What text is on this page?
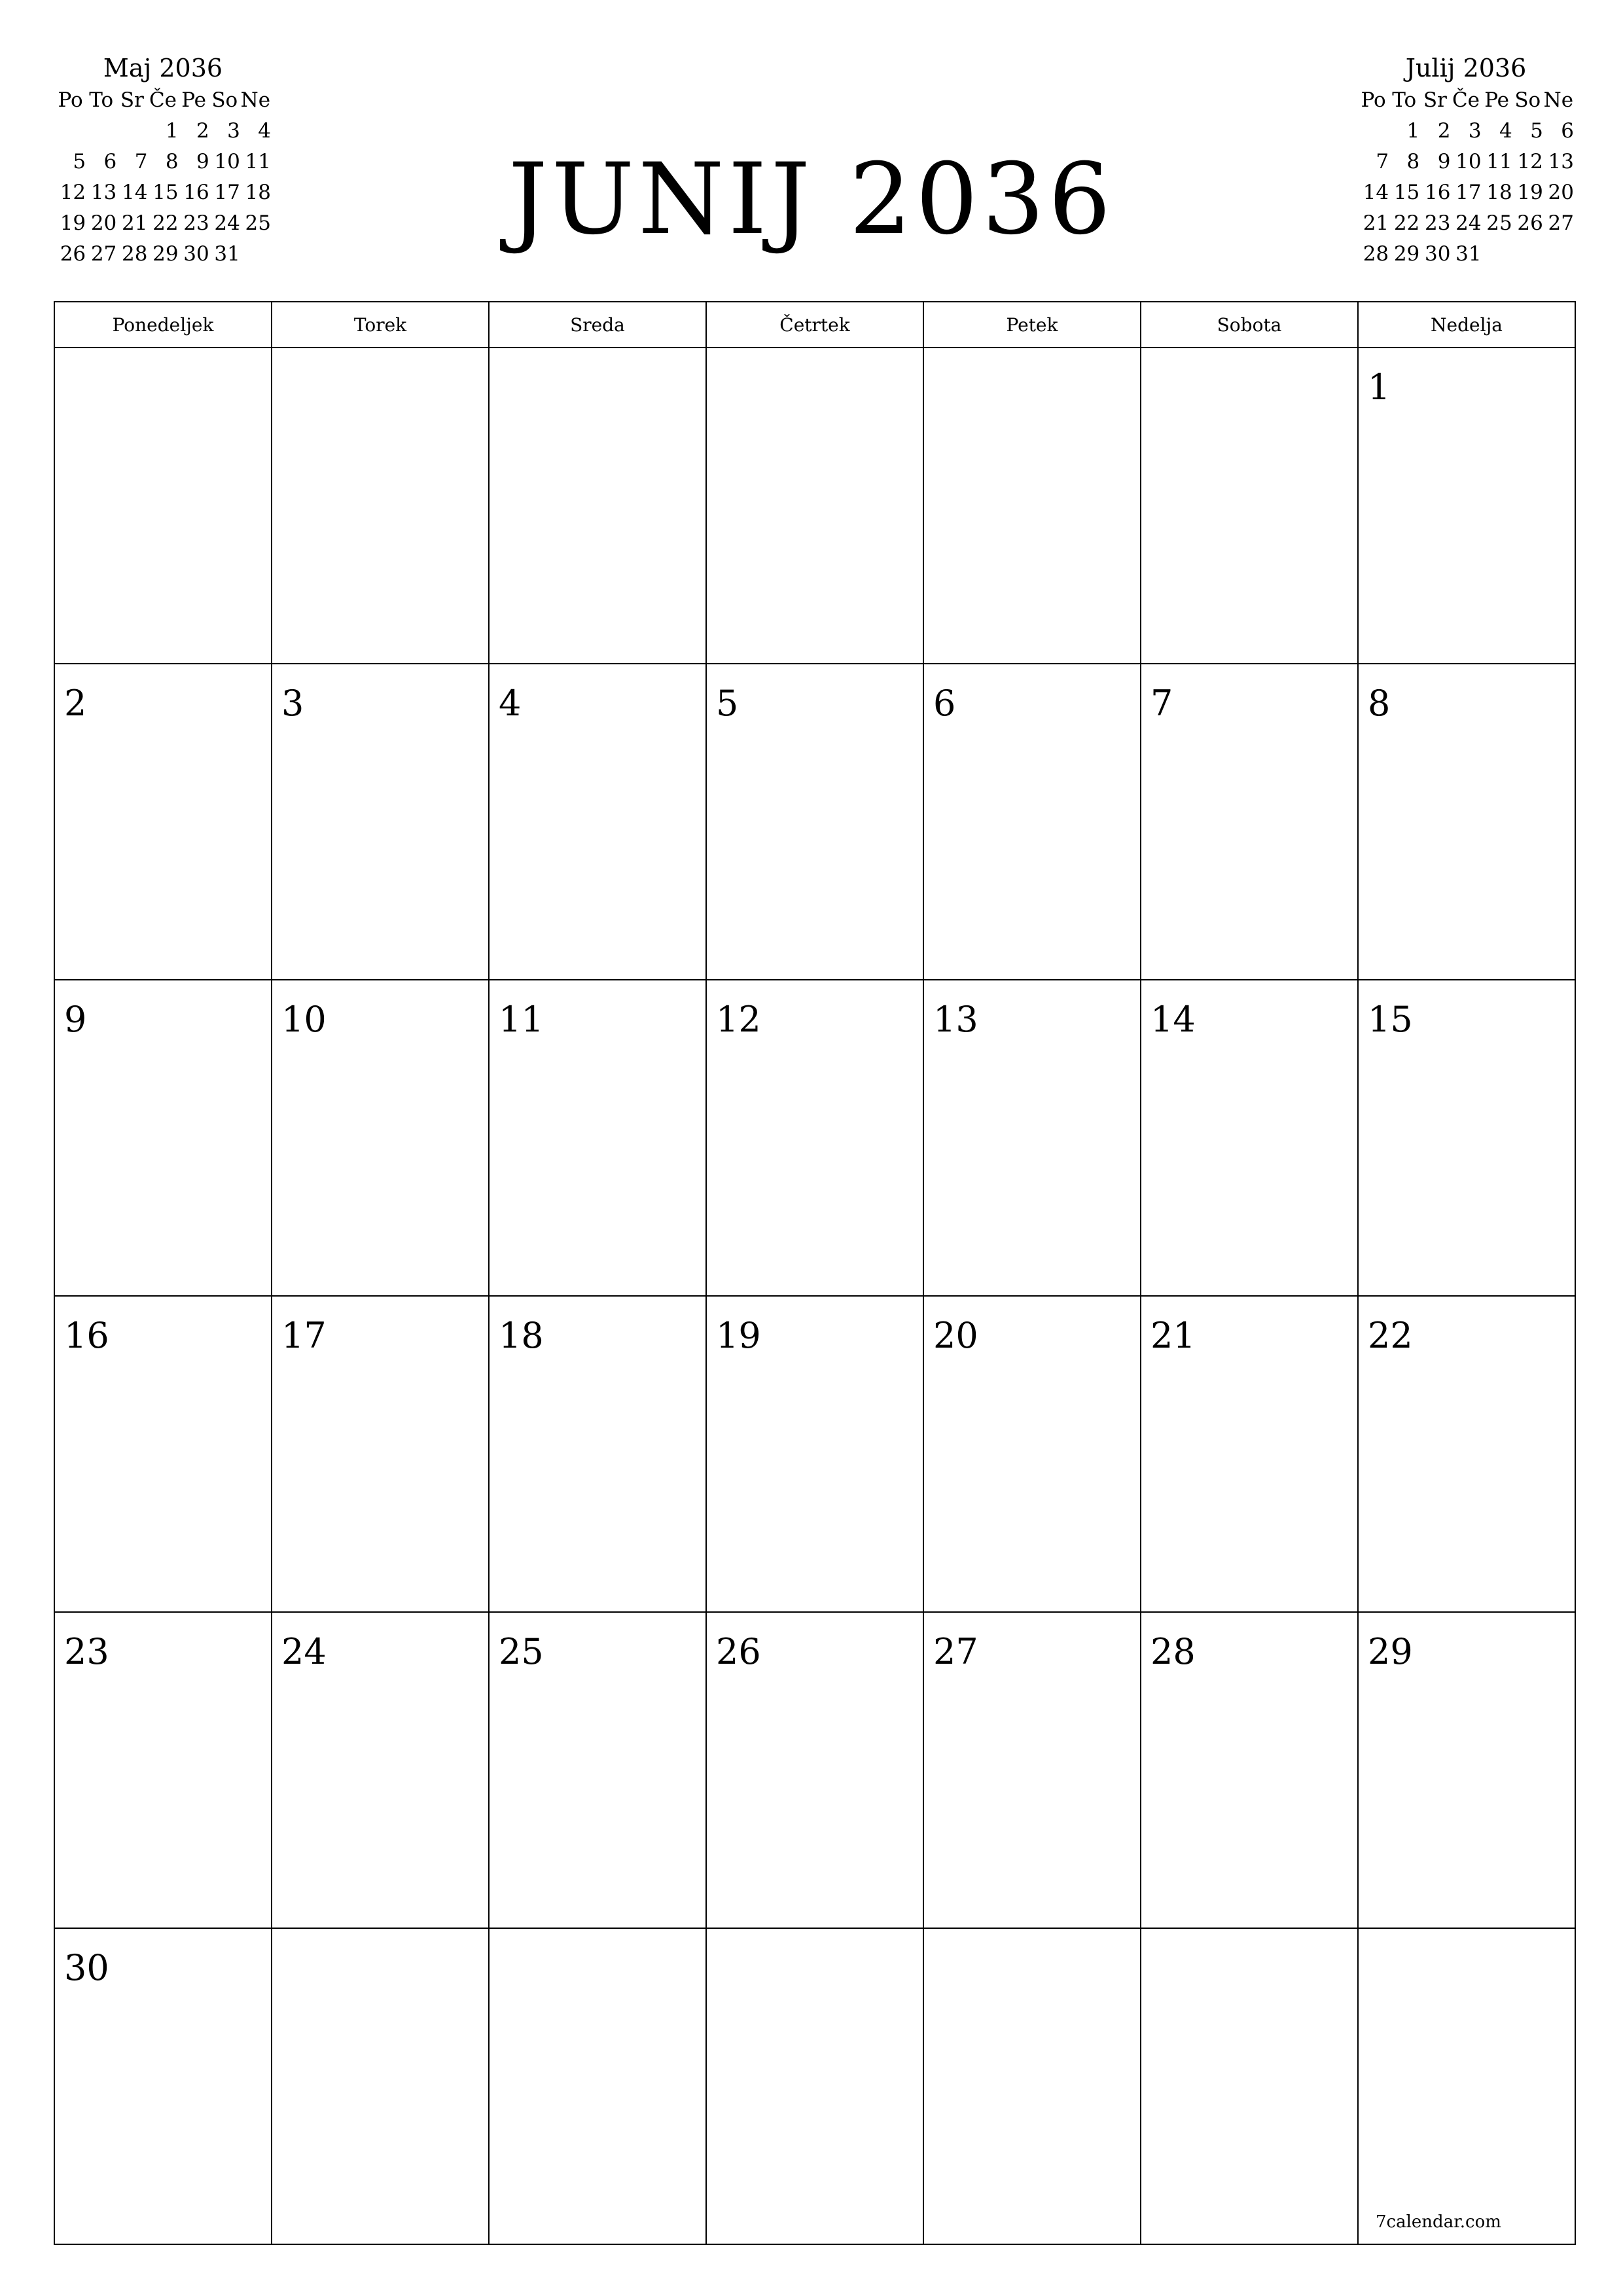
Maj 2036
Po	To	Sr	Če	Pe	So	Ne
			1	2	3	4
5	6	7	8	9	10	11
12	13	14	15	16	17	18
19	20	21	22	23	24	25
26	27	28	29	30	31		JUNIJ 2036
Julij 2036
Po	To	Sr	Če	Pe	So	Ne
	1	2	3	4	5	6
7	8	9	10	11	12	13
14	15	16	17	18	19	20
21	22	23	24	25	26	27
28	29	30	31			
Ponedeljek	Torek	Sreda	Četrtek	Petek	Sobota	Nedelja

						1

2	3	4	5	6	7	8

9	10	11	12	13	14	15

16	17	18	19	20	21	22

23	24	25	26	27	28	29

30						7calendar.com
